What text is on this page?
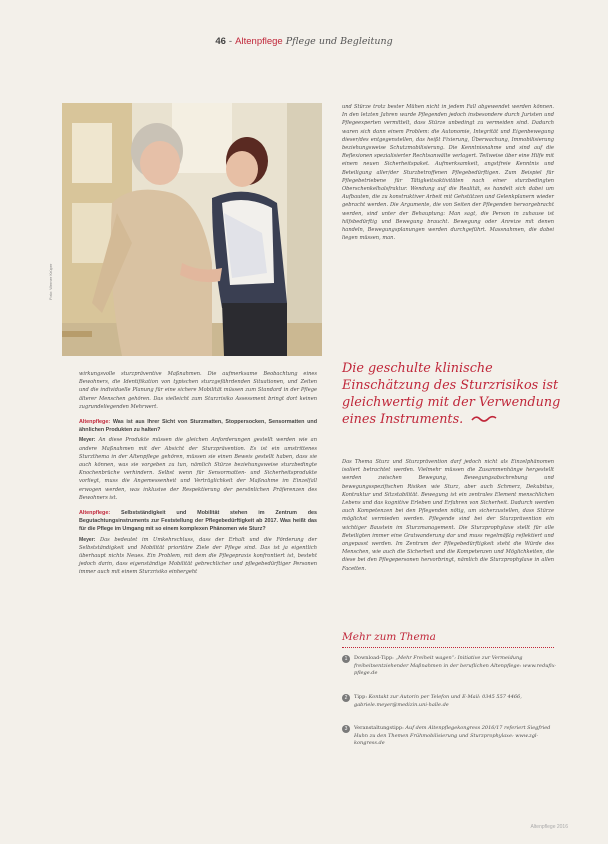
46 - Altenpflege Pflege und Begleitung
Foto: Werner Krüper

und Stürze trotz bester Mühen nicht in jedem Fall abgewendet werden können. In den letzten Jahren wurde Pflegenden jedoch insbesondere durch Juristen und Pflegeexperten vermittelt, dass Stürze unbedingt zu vermeiden sind. Dadurch waren sich dann einem Problem: die Autonomie, Integrität und Eigenbewegung dieser/des entgegenstellen, das heißt Fixierung, Überwachung, Immobilisierung beziehungsweise Schutzmobilisierung. Die Kenntnisnahme und sind auf die Reflexionen spezialisierter Rechtsanwälte verlagert. Teilweise über eine Hilfe mit einem neuen Sicherheitspaket. Aufmerksamkeit, angstfreie Kenntnis und Beteiligung aller/der Sturzbetroffenen Pflegebedürftigen. Zum Beispiel für Pflegebetriebene für Tätigkeitsaktivitäten nach einer sturzbedingten Oberschenkelhalsfraktur. Wendung auf die Realität, es handelt sich dabei um Aufbauten, die zu konstruktiver Arbeit mit Gehstützen und Gelenkplanern wieder gebracht werden. Die Argumente, die von Seiten der Pflegenden hervorgebracht werden, sind unter der Behauptung: Man sagt, die Person in zuhause ist hilfsbedürftig und Bewegung braucht. Bewegung oder Anreize mit denen handeln, Bewegungsplanungen werden durchgeführt. Massnahmen, die dabei liegen müssen, man.

Die geschulte klinische Einschätzung des Sturzrisikos ist gleichwertig mit der Verwendung eines Instruments.

Das Thema Sturz und Sturzprävention darf jedoch nicht als Einzelphänomen isoliert betrachtet werden. Vielmehr müssen die Zusammenhänge hergestellt werden zwischen Bewegung, Bewegungsabschrebung und bewegungsspezifischen Risiken wie Sturz, aber auch Schmerz, Dekubitus, Kontraktur und Sitzstabilität. Bewegung ist ein zentrales Element menschlichen Lebens und das kognitive Erleben und Erfahren von Sicherheit. Dadurch werden auch Kompetenzen bei den Pflegenden nötig, um sicherzustellen, dass Stürze möglichst vermieden werden. Pflegende sind bei der Sturzprävention ein wichtiger Baustein im Sturzmanagement. Die Sturzprophylaxe stellt für alle Beteiligten immer eine Gratwanderung dar und muss regelmäßig reflektiert und angepasst werden. Im Zentrum der Pflegebedürftigkeit steht die Würde des Menschen, wie auch die Sicherheit und die Kompetenzen und Möglichkeiten, die diese bei den Pflegepersonen hervorbringt, nämlich die Sturzprophylaxe in allen Facetten.

wirkungsvolle sturzpräventive Maßnahmen. Die aufmerksame Beobachtung eines Bewohners, die Identifikation von typischen sturzgefährdenden Situationen, und Zeiten und die individuelle Planung für eine sichere Mobilität müssen zum Standard in der Pflege älterer Menschen gehören. Das vielleicht zum Sturzrisiko Assessment bringt dort keinen zugrundeliegenden Mehrwert.

Altenpflege: Was ist aus Ihrer Sicht von Sturzmatten, Stoppersocken, Sensormatten und ähnlichen Produkten zu halten?

Meyer: An diese Produkte müssen die gleichen Anforderungen gestellt werden wie an andere Maßnahmen mit der Absicht der Sturzprävention. Es ist ein umstrittenes Sturzthema in der Altenpflege gehören, müssen sie einen Beweis gestellt haben, dass sie auch können, was sie vorgeben zu tun, nämlich Stürze beziehungsweise sturzbedingte Knochenbrüche verhindern. Selbst wenn für Sensormatten- und Sicherheitsprodukte vorliegt, muss die Angemessenheit und Verträglichkeit der Maßnahme im Einzelfall erwogen werden, was inklusive der Respektierung der persönlichen Präferenzen des Bewohners ist.

Altenpflege: Selbstständigkeit und Mobilität stehen im Zentrum des Begutachtungsinstruments zur Feststellung der Pflegebedürftigkeit ab 2017. Was heißt das für die Pflege im Umgang mit so einem komplexen Phänomen wie Sturz?

Meyer: Das bedeutet im Umkehrschluss, dass der Erhalt und die Förderung der Selbstständigkeit und Mobilität prioritäre Ziele der Pflege sind. Das ist ja eigentlich überhaupt nichts Neues. Ein Problem, mit dem die Pflegepraxis konfrontiert ist, besteht jedoch darin, dass eigenständige Mobilität gebrechlicher und pflegebedürftiger Personen immer auch mit einem Sturzrisiko einhergeht

Mehr zum Thema
1	Download-Tipp: „Mehr Freiheit wagen“: Initiative zur Vermeidung freiheitsentziehender Maßnahmen in der beruflichen Altenpflege: www.redufix-pflege.de
2	Tipp: Kontakt zur Autorin per Telefon und E-Mail: 0345 557 4466, gabriele.meyer@medizin.uni-halle.de
3	Veranstaltungstipp: Auf dem Altenpflegekongress 2016/17 referiert Siegfried Huhn zu den Themen Frühmobilisierung und Sturzprophylaxe: www.zgl-kongress.de
Altenpflege 2016
